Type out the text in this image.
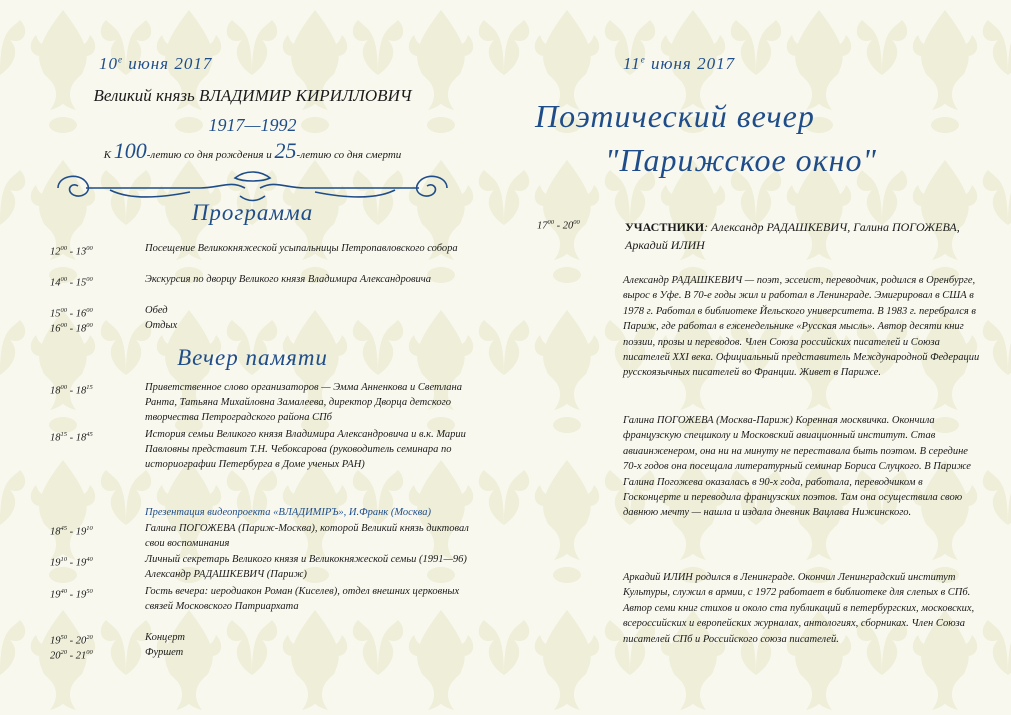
$10^е$ июня 2017
Великий князь ВЛАДИМИР КИРИЛЛОВИЧ
1917—1992
К 100-летию со дня рождения и 25-летию со дня смерти
Программа
$12^{00} - 13^{00}$	Посещение Великокняжеской усыпальницы Петропавловского собора
$14^{00} - 15^{00}$	Экскурсия по дворцу Великого князя Владимира Александровича
$15^{00} - 16^{00}$	Обед
$16^{00} - 18^{00}$	Отдых
Вечер памяти
$18^{00} - 18^{15}$	Приветственное слово организаторов — Эмма Анненкова и Светлана Ранта, Татьяна Михайловна Замалеева, директор Дворца детского творчества Петроградского района СПб
$18^{15} - 18^{45}$	История семьи Великого князя Владимира Александровича и в.к. Марии Павловны представит Т.Н. Чебоксарова (руководитель семинара по историографии Петербурга в Доме ученых РАН)
Презентация видеопроекта «ВЛАДИМIРЪ», И.Франк (Москва)
$18^{45} - 19^{10}$	Галина ПОГОЖЕВА (Париж-Москва), которой Великий князь диктовал свои воспоминания
$19^{10} - 19^{40}$	Личный секретарь Великого князя и Великокняжеской семьи (1991—96) Александр РАДАШКЕВИЧ (Париж)
$19^{40} - 19^{50}$	Гость вечера: иеродиакон Роман (Киселев), отдел внешних церковных связей Московского Патриархата
$19^{50} - 20^{20}$	Концерт
$20^{20} - 21^{00}$	Фуршет
$11^е$ июня 2017
Поэтический вечер
"Парижское окно"
$17^{00} - 20^{00}$	УЧАСТНИКИ: Александр РАДАШКЕВИЧ, Галина ПОГОЖЕВА, Аркадий ИЛИН
Александр РАДАШКЕВИЧ — поэт, эссеист, переводчик, родился в Оренбурге, вырос в Уфе. В 70-е годы жил и работал в Ленинграде. Эмигрировал в США в 1978 г. Работал в библиотеке Йельского университета. В 1983 г. перебрался в Париж, где работал в еженедельнике «Русская мысль». Автор десяти книг поэзии, прозы и переводов. Член Союза российских писателей и Союза писателей XXI века. Официальный представитель Международной Федерации русскоязычных писателей во Франции. Живет в Париже.
Галина ПОГОЖЕВА (Москва-Париж) Коренная москвичка. Окончила французскую спецшколу и Московский авиационный институт. Став авиаинженером, она ни на минуту не переставала быть поэтом. В середине 70-х годов она посещала литературный семинар Бориса Слуцкого. В Париже Галина Погожева оказалась в 90-х года, работала, переводчиком в Госконцерте и переводила французских поэтов. Там она осуществила свою давнюю мечту — нашла и издала дневник Вацлава Нижинского.
Аркадий ИЛИН родился в Ленинграде. Окончил Ленинградский институт Культуры, служил в армии, с 1972 работает в библиотеке для слепых в СПб. Автор семи книг стихов и около ста публикаций в петербургских, московских, всероссийских и европейских журналах, антологиях, сборниках. Член Союза писателей СПб и Российского союза писателей.
